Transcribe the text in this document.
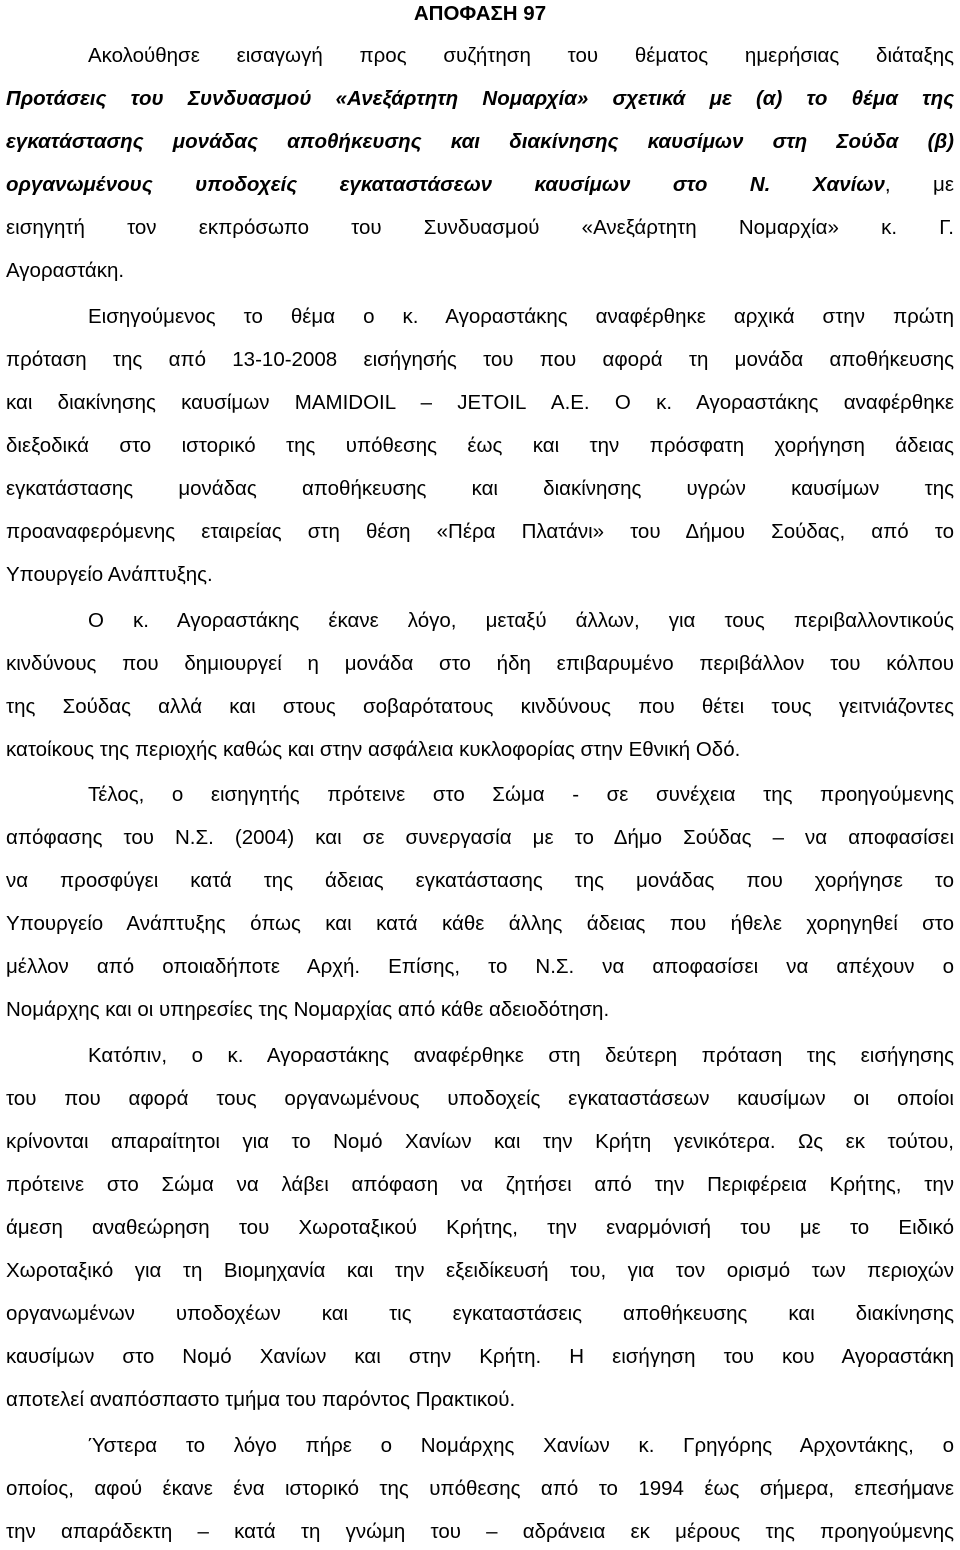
ΑΠΟΦΑΣΗ 97
Ακολούθησε εισαγωγή προς συζήτηση του θέματος ημερήσιας διάταξης
Προτάσεις του Συνδυασμού «Ανεξάρτητη Νομαρχία» σχετικά με (α) το θέμα της
εγκατάστασης μονάδας αποθήκευσης και διακίνησης καυσίμων στη Σούδα (β)
οργανωμένους υποδοχείς εγκαταστάσεων καυσίμων στο Ν. Χανίων, με
εισηγητή τον εκπρόσωπο του Συνδυασμού «Ανεξάρτητη Νομαρχία» κ. Γ.
Αγοραστάκη.
Εισηγούμενος το θέμα ο κ. Αγοραστάκης αναφέρθηκε αρχικά στην πρώτη
πρόταση της από 13-10-2008 εισήγησής του που αφορά τη μονάδα αποθήκευσης
και διακίνησης καυσίμων MAMIDOIL – JETOIL Α.Ε. Ο κ. Αγοραστάκης αναφέρθηκε
διεξοδικά στο ιστορικό της υπόθεσης έως και την πρόσφατη χορήγηση άδειας
εγκατάστασης μονάδας αποθήκευσης και διακίνησης υγρών καυσίμων της
προαναφερόμενης εταιρείας στη θέση «Πέρα Πλατάνι» του Δήμου Σούδας, από το
Υπουργείο Ανάπτυξης.
Ο κ. Αγοραστάκης έκανε λόγο, μεταξύ άλλων, για τους περιβαλλοντικούς
κινδύνους που δημιουργεί η μονάδα στο ήδη επιβαρυμένο περιβάλλον του κόλπου
της Σούδας αλλά και στους σοβαρότατους κινδύνους που θέτει τους γειτνιάζοντες
κατοίκους της περιοχής καθώς και στην ασφάλεια κυκλοφορίας στην Εθνική Οδό.
Τέλος, ο εισηγητής πρότεινε στο Σώμα - σε συνέχεια της προηγούμενης
απόφασης του Ν.Σ. (2004) και σε συνεργασία με το Δήμο Σούδας – να αποφασίσει
να προσφύγει κατά της άδειας εγκατάστασης της μονάδας που χορήγησε το
Υπουργείο Ανάπτυξης όπως και κατά κάθε άλλης άδειας που ήθελε χορηγηθεί στο
μέλλον από οποιαδήποτε Αρχή. Επίσης, το Ν.Σ. να αποφασίσει να απέχουν ο
Νομάρχης και οι υπηρεσίες της Νομαρχίας από κάθε αδειοδότηση.
Κατόπιν, ο κ. Αγοραστάκης αναφέρθηκε στη δεύτερη πρόταση της εισήγησης
του που αφορά τους οργανωμένους υποδοχείς εγκαταστάσεων καυσίμων οι οποίοι
κρίνονται απαραίτητοι για το Νομό Χανίων και την Κρήτη γενικότερα. Ως εκ τούτου,
πρότεινε στο Σώμα να λάβει απόφαση να ζητήσει από την Περιφέρεια Κρήτης, την
άμεση αναθεώρηση του Χωροταξικού Κρήτης, την εναρμόνισή του με το Ειδικό
Χωροταξικό για τη Βιομηχανία και την εξειδίκευσή του, για τον ορισμό των περιοχών
οργανωμένων υποδοχέων και τις εγκαταστάσεις αποθήκευσης και διακίνησης
καυσίμων στο Νομό Χανίων και στην Κρήτη. Η εισήγηση του κου Αγοραστάκη
αποτελεί αναπόσπαστο τμήμα του παρόντος Πρακτικού.
Ύστερα το λόγο πήρε ο Νομάρχης Χανίων κ. Γρηγόρης Αρχοντάκης, ο
οποίος, αφού έκανε ένα ιστορικό της υπόθεσης από το 1994 έως σήμερα, επεσήμανε
την απαράδεκτη – κατά τη γνώμη του – αδράνεια εκ μέρους της προηγούμενης
